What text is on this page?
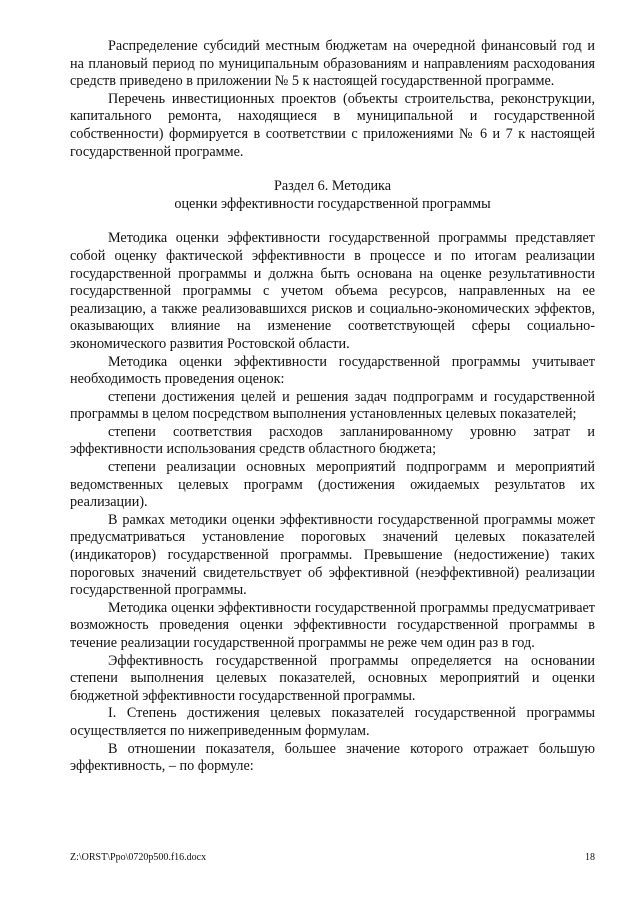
Распределение субсидий местным бюджетам на очередной финансовый год и на плановый период по муниципальным образованиям и направлениям расходования средств приведено в приложении № 5 к настоящей государственной программе.

Перечень инвестиционных проектов (объекты строительства, реконструкции, капитального ремонта, находящиеся в муниципальной и государственной собственности) формируется в соответствии с приложениями № 6 и 7 к настоящей государственной программе.

Раздел 6. Методика

оценки эффективности государственной программы

Методика оценки эффективности государственной программы представляет собой оценку фактической эффективности в процессе и по итогам реализации государственной программы и должна быть основана на оценке результативности государственной программы с учетом объема ресурсов, направленных на ее реализацию, а также реализовавшихся рисков и социально-экономических эффектов, оказывающих влияние на изменение соответствующей сферы социально-экономического развития Ростовской области.

Методика оценки эффективности государственной программы учитывает необходимость проведения оценок:

степени достижения целей и решения задач подпрограмм и государственной программы в целом посредством выполнения установленных целевых показателей;

степени соответствия расходов запланированному уровню затрат и эффективности использования средств областного бюджета;

степени реализации основных мероприятий подпрограмм и мероприятий ведомственных целевых программ (достижения ожидаемых результатов их реализации).

В рамках методики оценки эффективности государственной программы может предусматриваться установление пороговых значений целевых показателей (индикаторов) государственной программы. Превышение (недостижение) таких пороговых значений свидетельствует об эффективной (неэффективной) реализации государственной программы.

Методика оценки эффективности государственной программы предусматривает возможность проведения оценки эффективности государственной программы в течение реализации государственной программы не реже чем один раз в год.

Эффективность государственной программы определяется на основании степени выполнения целевых показателей, основных мероприятий и оценки бюджетной эффективности государственной программы.

I. Степень достижения целевых показателей государственной программы осуществляется по нижеприведенным формулам.

В отношении показателя, большее значение которого отражает большую эффективность, – по формуле:

Z:\ORST\Ppo\0720p500.f16.docx	18
